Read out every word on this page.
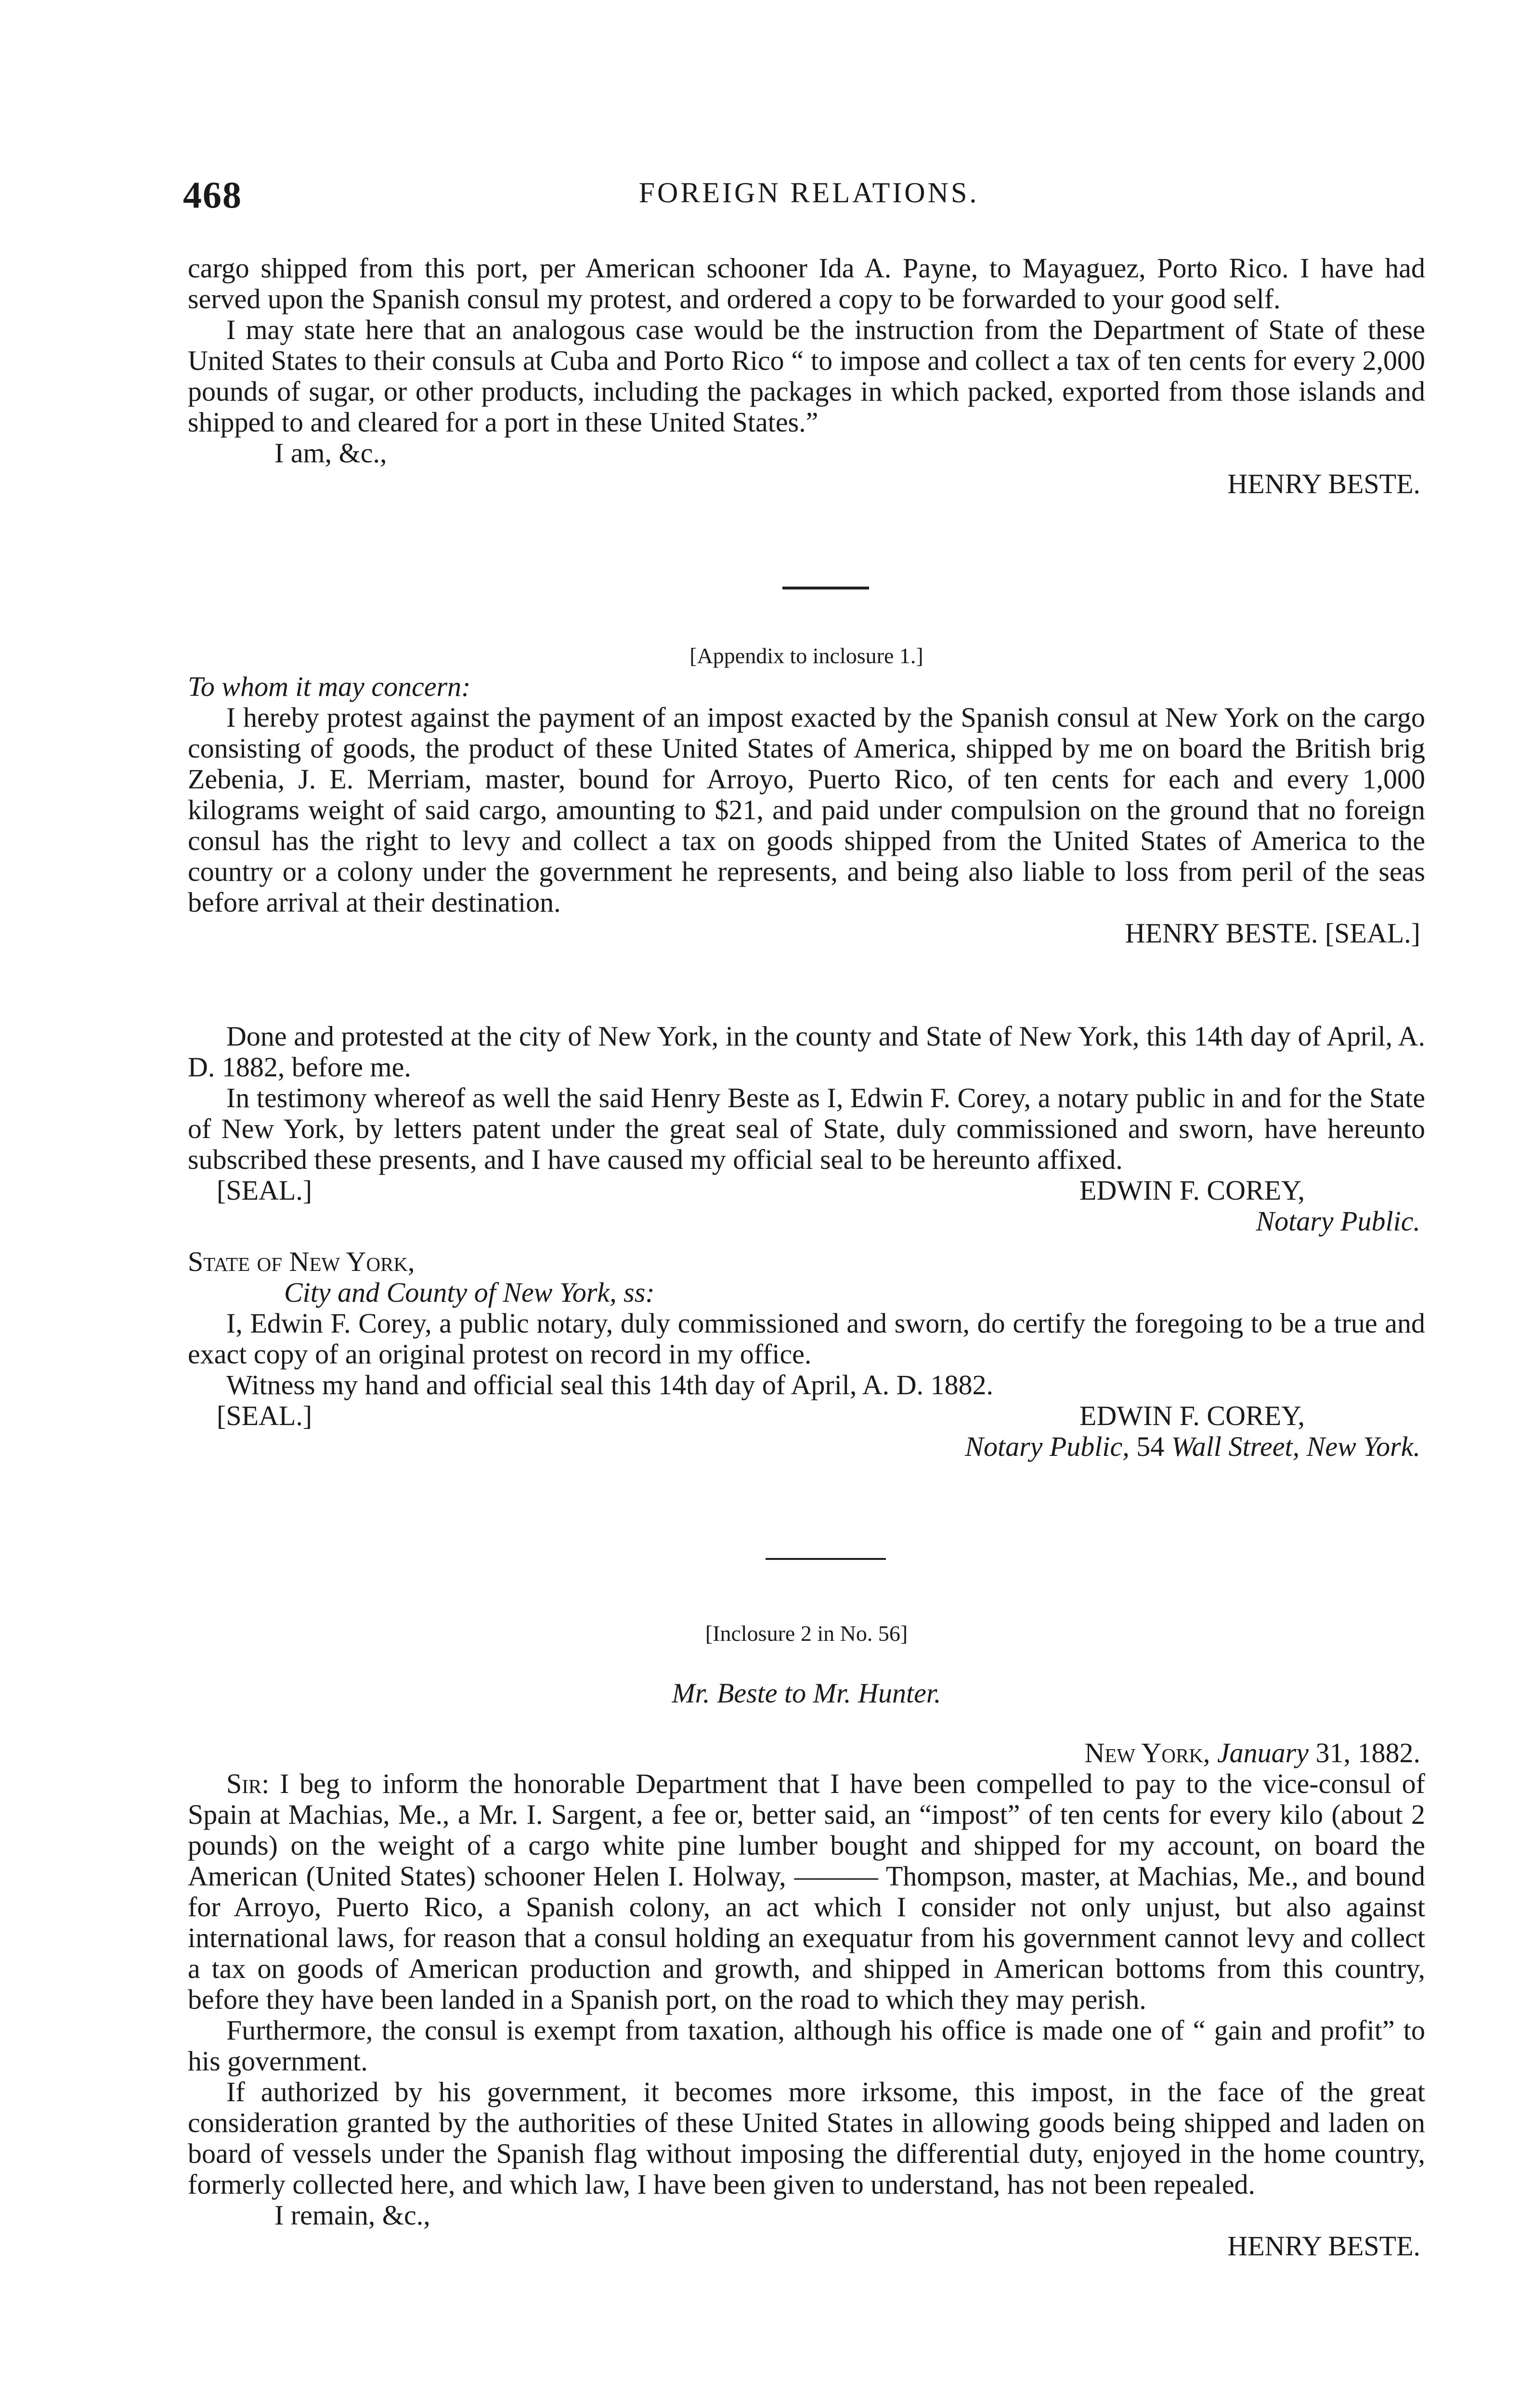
468	FOREIGN RELATIONS.

cargo shipped from this port, per American schooner Ida A. Payne, to Mayaguez, Porto Rico. I have had served upon the Spanish consul my protest, and ordered a copy to be forwarded to your good self.

I may state here that an analogous case would be the instruction from the Department of State of these United States to their consuls at Cuba and Porto Rico “ to impose and collect a tax of ten cents for every 2,000 pounds of sugar, or other products, including the packages in which packed, exported from those islands and shipped to and cleared for a port in these United States.”

I am, &c.,

HENRY BESTE.

[Appendix to inclosure 1.]

To whom it may concern:

I hereby protest against the payment of an impost exacted by the Spanish consul at New York on the cargo consisting of goods, the product of these United States of America, shipped by me on board the British brig Zebenia, J. E. Merriam, master, bound for Arroyo, Puerto Rico, of ten cents for each and every 1,000 kilograms weight of said cargo, amounting to $21, and paid under compulsion on the ground that no foreign consul has the right to levy and collect a tax on goods shipped from the United States of America to the country or a colony under the government he represents, and being also liable to loss from peril of the seas before arrival at their destination.

HENRY BESTE. [SEAL.]

Done and protested at the city of New York, in the county and State of New York, this 14th day of April, A. D. 1882, before me.

In testimony whereof as well the said Henry Beste as I, Edwin F. Corey, a notary public in and for the State of New York, by letters patent under the great seal of State, duly commissioned and sworn, have hereunto subscribed these presents, and I have caused my official seal to be hereunto affixed.

[SEAL.]	EDWIN F. COREY,

Notary Public.

State of New York,

City and County of New York, ss:

I, Edwin F. Corey, a public notary, duly commissioned and sworn, do certify the foregoing to be a true and exact copy of an original protest on record in my office.

Witness my hand and official seal this 14th day of April, A. D. 1882.

[SEAL.]	EDWIN F. COREY,

Notary Public, 54 Wall Street, New York.

[Inclosure 2 in No. 56]

Mr. Beste to Mr. Hunter.

New York, January 31, 1882.

Sir: I beg to inform the honorable Department that I have been compelled to pay to the vice-consul of Spain at Machias, Me., a Mr. I. Sargent, a fee or, better said, an “impost” of ten cents for every kilo (about 2 pounds) on the weight of a cargo white pine lumber bought and shipped for my account, on board the American (United States) schooner Helen I. Holway, ——— Thompson, master, at Machias, Me., and bound for Arroyo, Puerto Rico, a Spanish colony, an act which I consider not only unjust, but also against international laws, for reason that a consul holding an exequatur from his government cannot levy and collect a tax on goods of American production and growth, and shipped in American bottoms from this country, before they have been landed in a Spanish port, on the road to which they may perish.

Furthermore, the consul is exempt from taxation, although his office is made one of “ gain and profit” to his government.

If authorized by his government, it becomes more irksome, this impost, in the face of the great consideration granted by the authorities of these United States in allowing goods being shipped and laden on board of vessels under the Spanish flag without imposing the differential duty, enjoyed in the home country, formerly collected here, and which law, I have been given to understand, has not been repealed.

I remain, &c.,

HENRY BESTE.
